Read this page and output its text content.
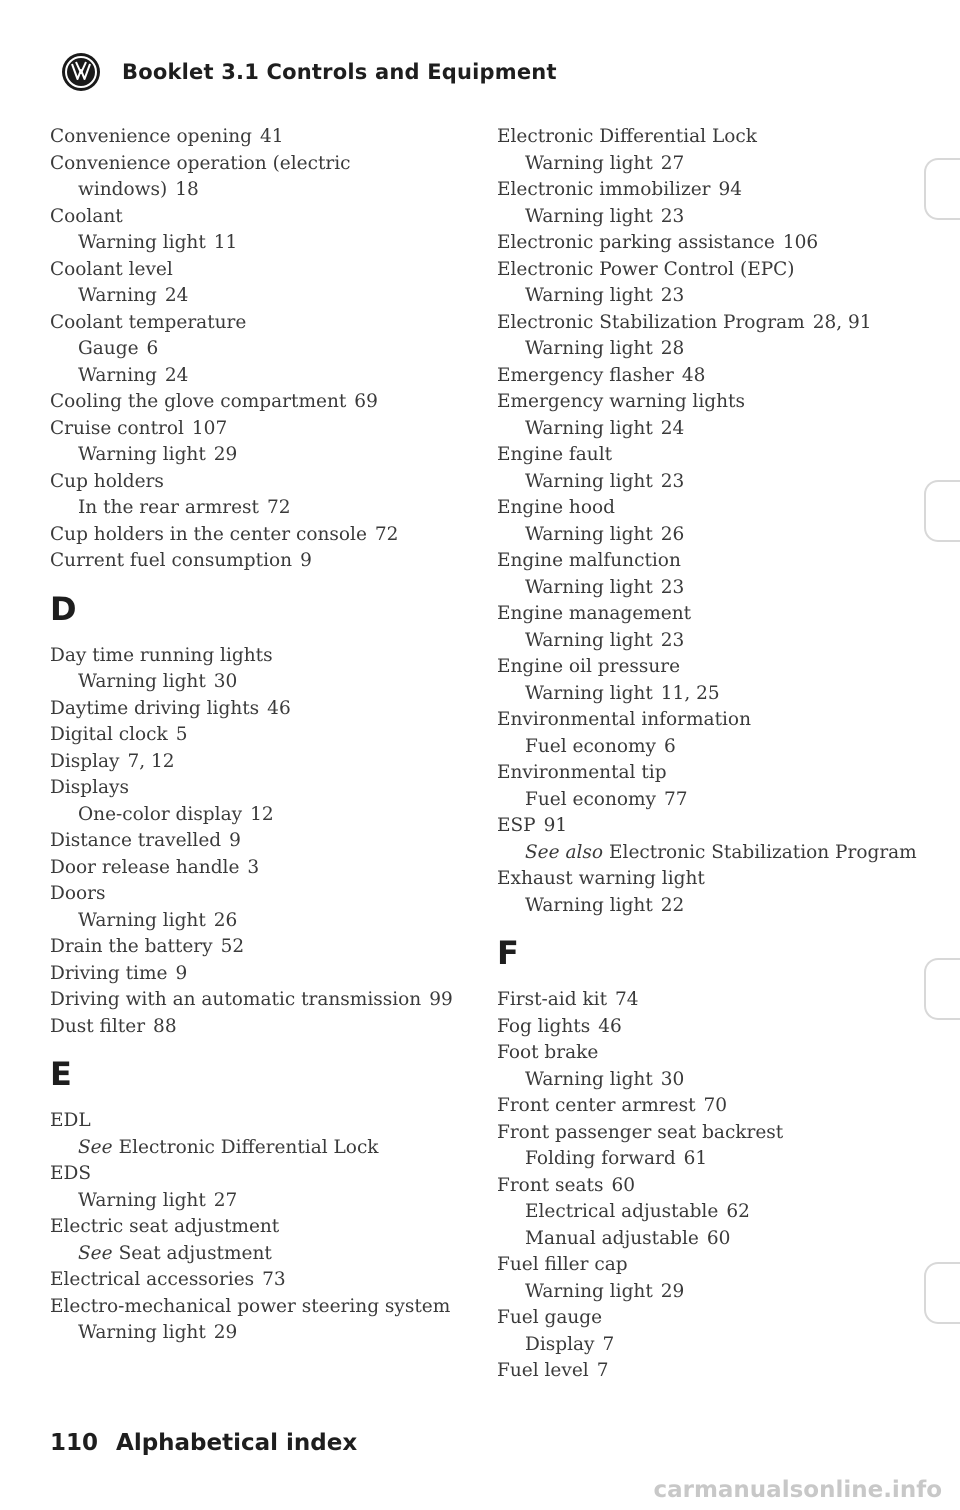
Booklet 3.1 Controls and Equipment
Convenience opening 41
Convenience operation (electric
windows) 18
Coolant
Warning light 11
Coolant level
Warning 24
Coolant temperature
Gauge 6
Warning 24
Cooling the glove compartment 69
Cruise control 107
Warning light 29
Cup holders
In the rear armrest 72
Cup holders in the center console 72
Current fuel consumption 9
D
Day time running lights
Warning light 30
Daytime driving lights 46
Digital clock 5
Display 7, 12
Displays
One-color display 12
Distance travelled 9
Door release handle 3
Doors
Warning light 26
Drain the battery 52
Driving time 9
Driving with an automatic transmission 99
Dust filter 88
E
EDL
See Electronic Differential Lock
EDS
Warning light 27
Electric seat adjustment
See Seat adjustment
Electrical accessories 73
Electro-mechanical power steering system
Warning light 29
Electronic Differential Lock
Warning light 27
Electronic immobilizer 94
Warning light 23
Electronic parking assistance 106
Electronic Power Control (EPC)
Warning light 23
Electronic Stabilization Program 28, 91
Warning light 28
Emergency flasher 48
Emergency warning lights
Warning light 24
Engine fault
Warning light 23
Engine hood
Warning light 26
Engine malfunction
Warning light 23
Engine management
Warning light 23
Engine oil pressure
Warning light 11, 25
Environmental information
Fuel economy 6
Environmental tip
Fuel economy 77
ESP 91
See also Electronic Stabilization Program
Exhaust warning light
Warning light 22
F
First-aid kit 74
Fog lights 46
Foot brake
Warning light 30
Front center armrest 70
Front passenger seat backrest
Folding forward 61
Front seats 60
Electrical adjustable 62
Manual adjustable 60
Fuel filler cap
Warning light 29
Fuel gauge
Display 7
Fuel level 7
110 Alphabetical index
carmanualsonline.info
